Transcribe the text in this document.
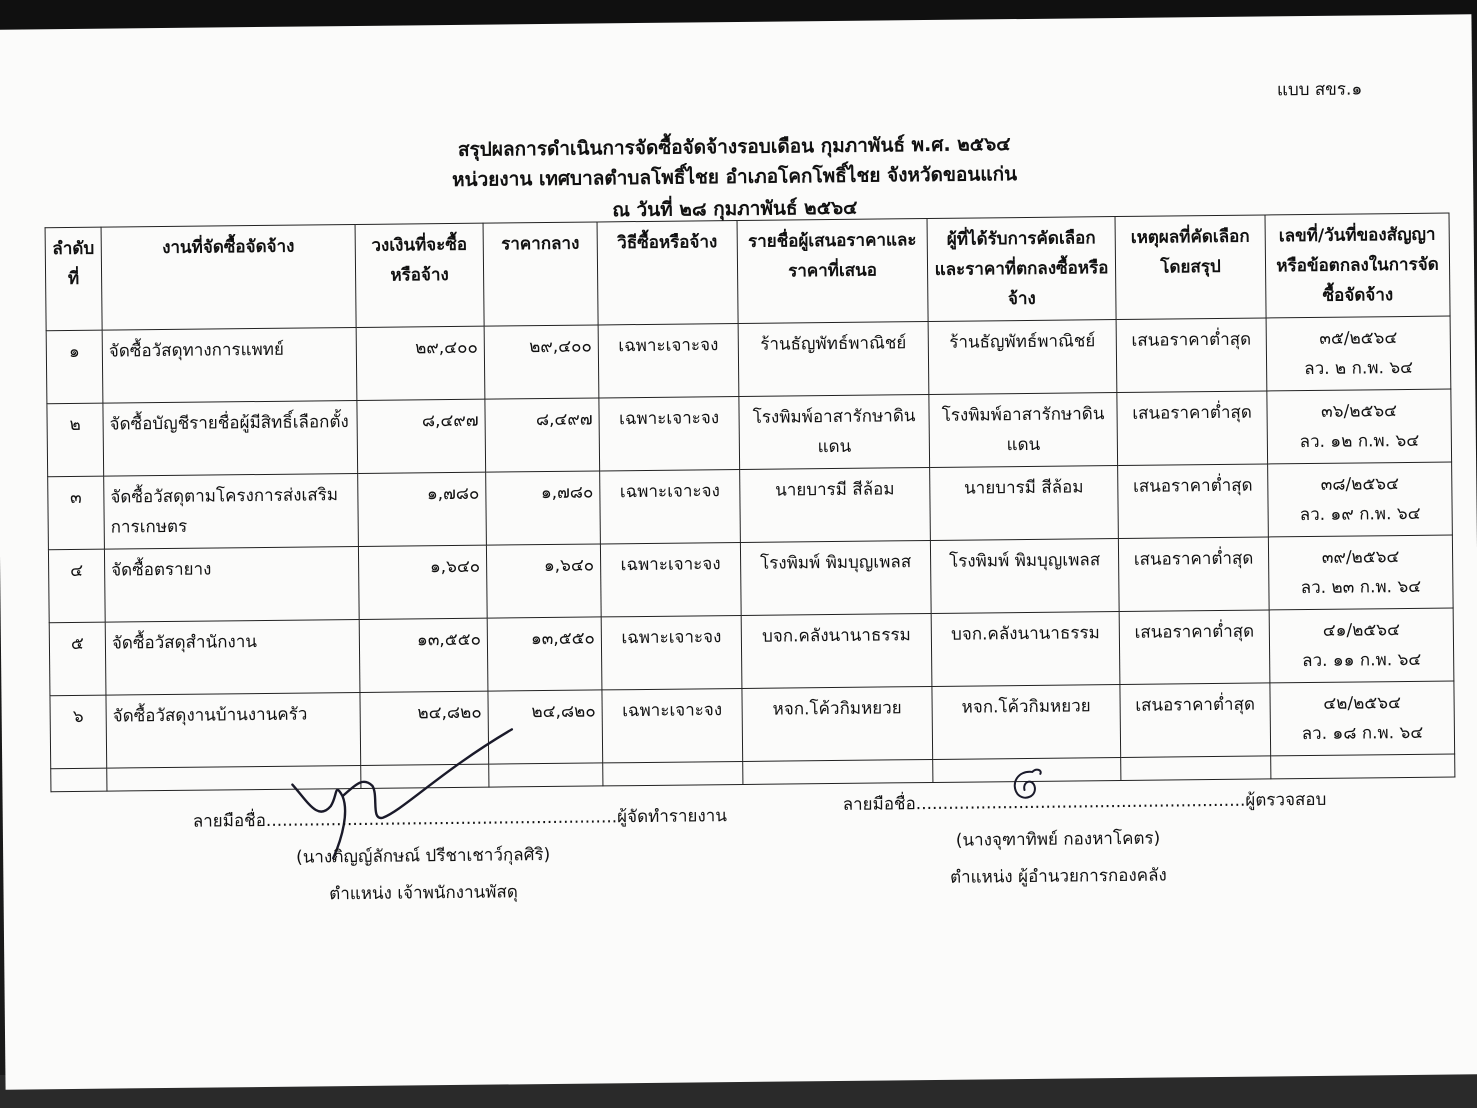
แบบ สขร.๑
สรุปผลการดำเนินการจัดซื้อจัดจ้างรอบเดือน กุมภาพันธ์ พ.ศ. ๒๕๖๔
หน่วยงาน เทศบาลตำบลโพธิ์ไชย อำเภอโคกโพธิ์ไชย จังหวัดขอนแก่น
ณ วันที่ ๒๘ กุมภาพันธ์ ๒๕๖๔
ลำดับที่	งานที่จัดซื้อจัดจ้าง	วงเงินที่จะซื้อหรือจ้าง	ราคากลาง	วิธีซื้อหรือจ้าง	รายชื่อผู้เสนอราคาและราคาที่เสนอ	ผู้ที่ได้รับการคัดเลือกและราคาที่ตกลงซื้อหรือจ้าง	เหตุผลที่คัดเลือกโดยสรุป	เลขที่/วันที่ของสัญญาหรือข้อตกลงในการจัดซื้อจัดจ้าง
๑	จัดซื้อวัสดุทางการแพทย์	๒๙,๔๐๐	๒๙,๔๐๐	เฉพาะเจาะจง	ร้านธัญพัทธ์พาณิชย์	ร้านธัญพัทธ์พาณิชย์	เสนอราคาต่ำสุด	๓๕/๒๕๖๔
ลว. ๒ ก.พ. ๖๔

๒	จัดซื้อบัญชีรายชื่อผู้มีสิทธิ์เลือกตั้ง	๘,๔๙๗	๘,๔๙๗	เฉพาะเจาะจง	โรงพิมพ์อาสารักษาดินแดน	โรงพิมพ์อาสารักษาดินแดน	เสนอราคาต่ำสุด	๓๖/๒๕๖๔
ลว. ๑๒ ก.พ. ๖๔

๓	จัดซื้อวัสดุตามโครงการส่งเสริมการเกษตร	๑,๗๘๐	๑,๗๘๐	เฉพาะเจาะจง	นายบารมี สีล้อม	นายบารมี สีล้อม	เสนอราคาต่ำสุด	๓๘/๒๕๖๔
ลว. ๑๙ ก.พ. ๖๔

๔	จัดซื้อตรายาง	๑,๖๔๐	๑,๖๔๐	เฉพาะเจาะจง	โรงพิมพ์ พิมบุญเพลส	โรงพิมพ์ พิมบุญเพลส	เสนอราคาต่ำสุด	๓๙/๒๕๖๔
ลว. ๒๓ ก.พ. ๖๔

๕	จัดซื้อวัสดุสำนักงาน	๑๓,๕๕๐	๑๓,๕๕๐	เฉพาะเจาะจง	บจก.คลังนานาธรรม	บจก.คลังนานาธรรม	เสนอราคาต่ำสุด	๔๑/๒๕๖๔
ลว. ๑๑ ก.พ. ๖๔

๖	จัดซื้อวัสดุงานบ้านงานครัว	๒๔,๘๒๐	๒๔,๘๒๐	เฉพาะเจาะจง	หจก.โค้วกิมหยวย	หจก.โค้วกิมหยวย	เสนอราคาต่ำสุด	๔๒/๒๕๖๔
ลว. ๑๘ ก.พ. ๖๔

ลายมือชื่อ.................................................................ผู้จัดทำรายงาน
(นางภิญญ์ลักษณ์ ปรีชาเชาว์กุลศิริ)
ตำแหน่ง เจ้าพนักงานพัสดุ
ลายมือชื่อ.............................................................ผู้ตรวจสอบ
(นางจุฑาทิพย์ กองหาโคตร)
ตำแหน่ง ผู้อำนวยการกองคลัง
